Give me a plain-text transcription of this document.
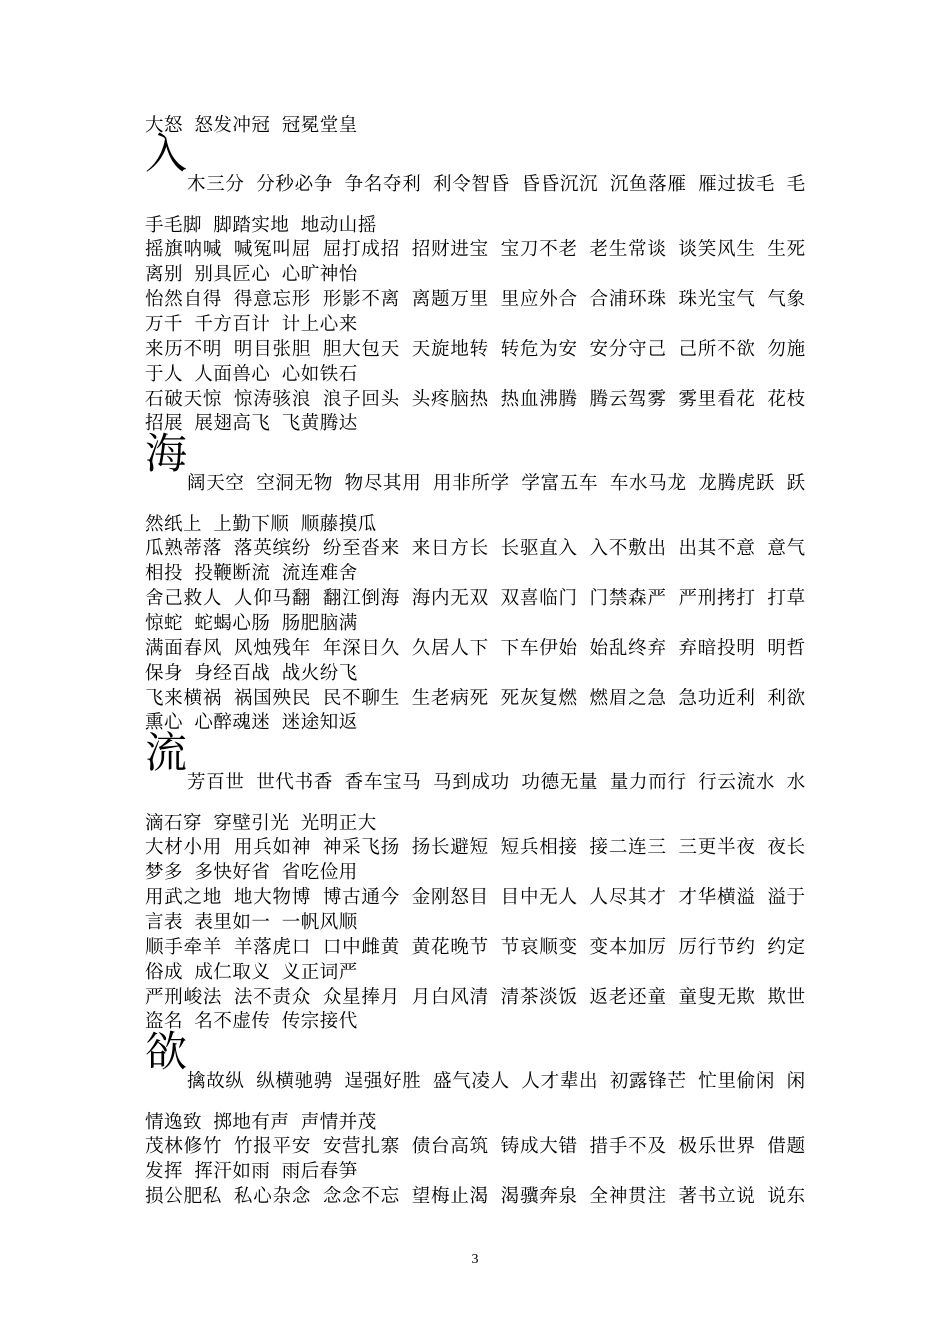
大怒 怒发冲冠 冠冕堂皇
入
木三分 分秒必争 争名夺利 利令智昏 昏昏沉沉 沉鱼落雁 雁过拔毛 毛
手毛脚 脚踏实地 地动山摇
摇旗呐喊 喊冤叫屈 屈打成招 招财进宝 宝刀不老 老生常谈 谈笑风生 生死
离别 别具匠心 心旷神怡
怡然自得 得意忘形 形影不离 离题万里 里应外合 合浦环珠 珠光宝气 气象
万千 千方百计 计上心来
来历不明 明目张胆 胆大包天 天旋地转 转危为安 安分守己 己所不欲 勿施
于人 人面兽心 心如铁石
石破天惊 惊涛骇浪 浪子回头 头疼脑热 热血沸腾 腾云驾雾 雾里看花 花枝
招展 展翅高飞 飞黄腾达
海
阔天空 空洞无物 物尽其用 用非所学 学富五车 车水马龙 龙腾虎跃 跃
然纸上 上勤下顺 顺藤摸瓜
瓜熟蒂落 落英缤纷 纷至沓来 来日方长 长驱直入 入不敷出 出其不意 意气
相投 投鞭断流 流连难舍
舍己救人 人仰马翻 翻江倒海 海内无双 双喜临门 门禁森严 严刑拷打 打草
惊蛇 蛇蝎心肠 肠肥脑满
满面春风 风烛残年 年深日久 久居人下 下车伊始 始乱终弃 弃暗投明 明哲
保身 身经百战 战火纷飞
飞来横祸 祸国殃民 民不聊生 生老病死 死灰复燃 燃眉之急 急功近利 利欲
熏心 心醉魂迷 迷途知返
流
芳百世 世代书香 香车宝马 马到成功 功德无量 量力而行 行云流水 水
滴石穿 穿壁引光 光明正大
大材小用 用兵如神 神采飞扬 扬长避短 短兵相接 接二连三 三更半夜 夜长
梦多 多快好省 省吃俭用
用武之地 地大物博 博古通今 金刚怒目 目中无人 人尽其才 才华横溢 溢于
言表 表里如一 一帆风顺
顺手牵羊 羊落虎口 口中雌黄 黄花晚节 节哀顺变 变本加厉 厉行节约 约定
俗成 成仁取义 义正词严
严刑峻法 法不责众 众星捧月 月白风清 清茶淡饭 返老还童 童叟无欺 欺世
盗名 名不虚传 传宗接代
欲
擒故纵 纵横驰骋 逞强好胜 盛气凌人 人才辈出 初露锋芒 忙里偷闲 闲
情逸致 掷地有声 声情并茂
茂林修竹 竹报平安 安营扎寨 债台高筑 铸成大错 措手不及 极乐世界 借题
发挥 挥汗如雨 雨后春笋
损公肥私 私心杂念 念念不忘 望梅止渴 渴骥奔泉 全神贯注 著书立说 说东
3
